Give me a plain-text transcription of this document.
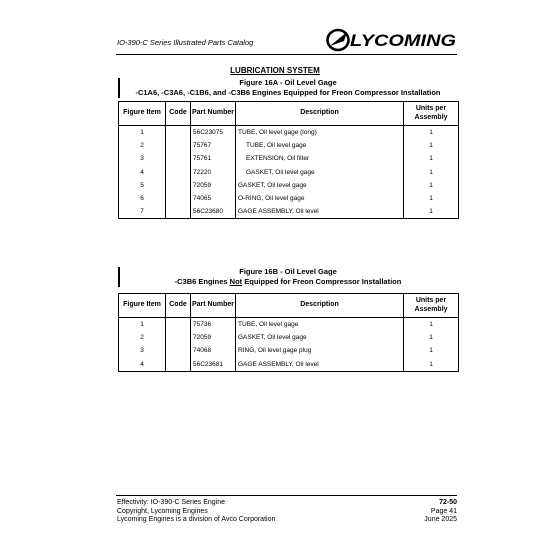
IO-390-C Series Illustrated Parts Catalog	LYCOMING
LUBRICATION SYSTEM
Figure 16A - Oil Level Gage
-C1A6, -C3A6, -C1B6, and -C3B6 Engines Equipped for Freon Compressor Installation
Figure Item	Code	Part Number	Description	Units per Assembly
1		56C23075	TUBE, Oil level gage (long)	1
2		75767	TUBE, Oil level gage	1
3		75761	EXTENSION, Oil filter	1
4		72220	GASKET, Oil level gage	1
5		72059	GASKET, Oil level gage	1
6		74065	O-RING, Oil level gage	1
7		56C23680	GAGE ASSEMBLY, Oil level	1
Figure 16B - Oil Level Gage
-C3B6 Engines Not Equipped for Freon Compressor Installation
Figure Item	Code	Part Number	Description	Units per Assembly
1		75736	TUBE, Oil level gage	1
2		72059	GASKET, Oil level gage	1
3		74068	RING, Oil level gage plug	1
4		56C23681	GAGE ASSEMBLY, Oil level	1
Effectivity: IO-390-C Series Engine
Copyright, Lycoming Engines
Lycoming Engines is a division of Avco Corporation
72-50
Page 41
June 2025
